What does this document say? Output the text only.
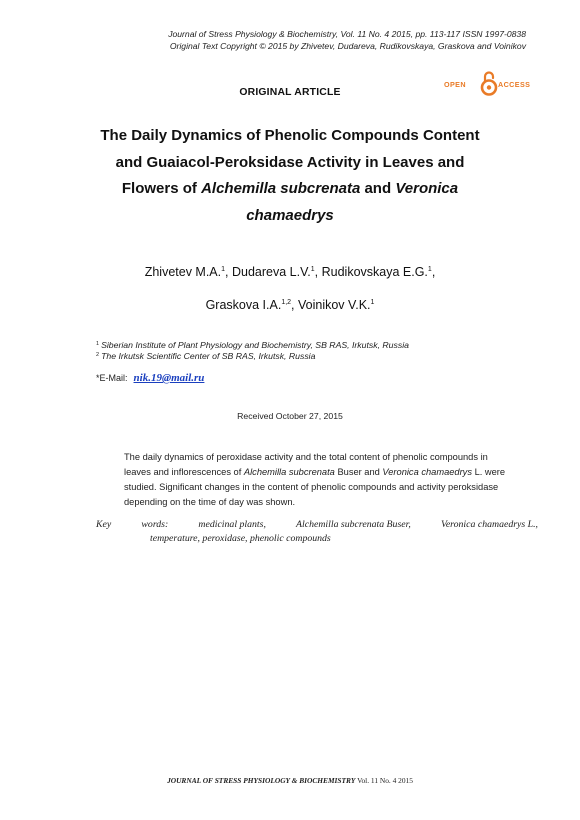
Journal of Stress Physiology & Biochemistry, Vol. 11 No. 4 2015, pp. 113-117 ISSN 1997-0838
Original Text Copyright © 2015 by Zhivetev, Dudareva, Rudikovskaya, Graskova and Voinikov
OPEN	ACCESS
ORIGINAL ARTICLE
The Daily Dynamics of Phenolic Compounds Content
and Guaiacol-Peroksidase Activity in Leaves and
Flowers of Alchemilla subcrenata and Veronica
chamaedrys
Zhivetev M.A.$^1$, Dudareva L.V.$^1$, Rudikovskaya E.G.$^1$,
Graskova I.A.$^{1,2}$, Voinikov V.K.$^1$
$^1$ Siberian Institute of Plant Physiology and Biochemistry, SB RAS, Irkutsk, Russia
$^2$ The Irkutsk Scientific Center of SB RAS, Irkutsk, Russia
*E-Mail: nik.19@mail.ru
Received October 27, 2015
The daily dynamics of peroxidase activity and the total content of phenolic compounds in
leaves and inflorescences of Alchemilla subcrenata Buser and Veronica chamaedrys L. were
studied. Significant changes in the content of phenolic compounds and activity peroksidase
depending on the time of day was shown.
Key	words:	medicinal plants,	Alchemilla subcrenata Buser,	Veronica chamaedrys L.,
temperature, peroxidase, phenolic compounds
JOURNAL OF STRESS PHYSIOLOGY & BIOCHEMISTRY Vol. 11 No. 4 2015
